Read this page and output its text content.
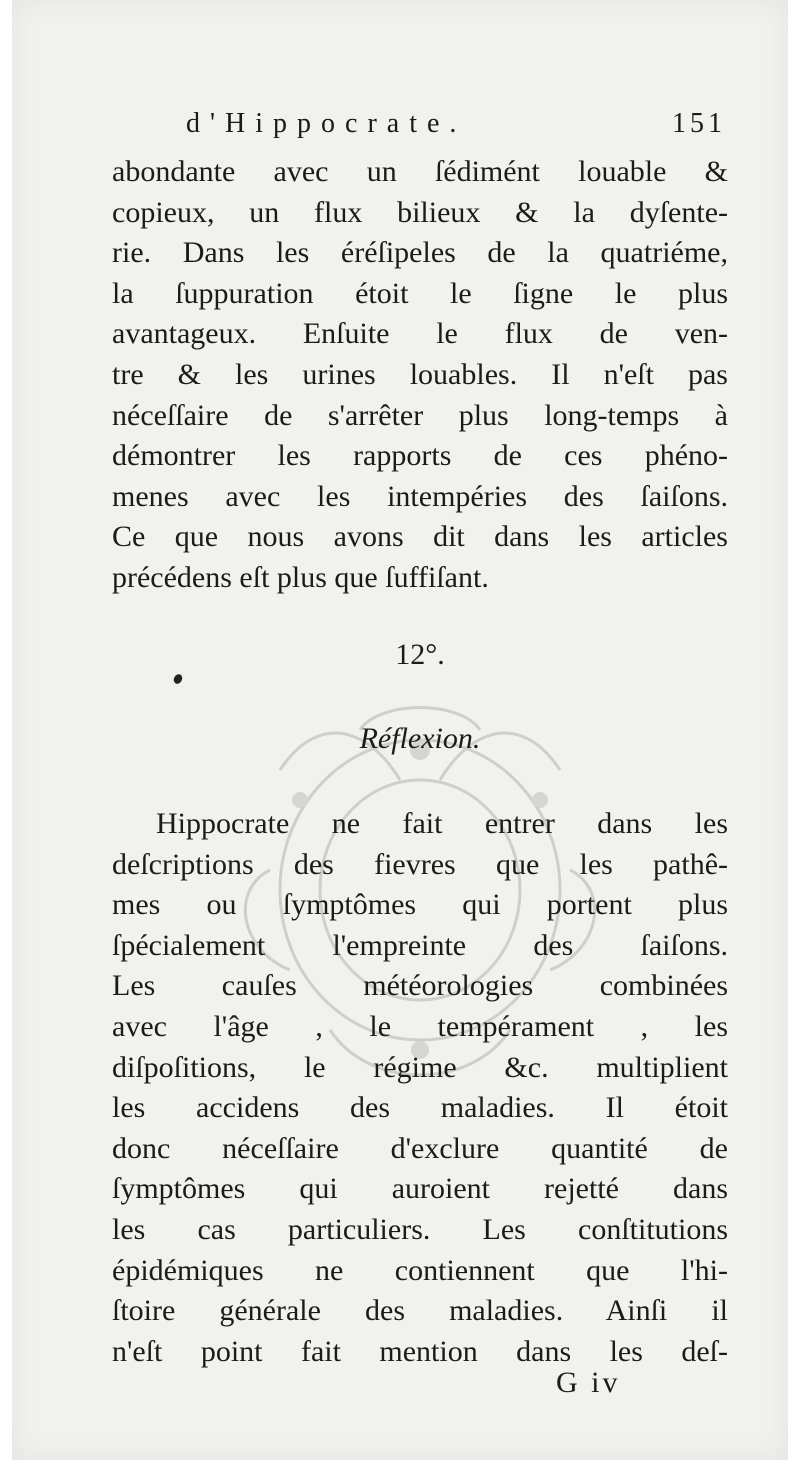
d'Hippocrate.	151

abondante avec un ſédimént louable &
copieux, un flux bilieux & la dyſente-
rie. Dans les éréſipeles de la quatriéme,
la ſuppuration étoit le ſigne le plus
avantageux. Enſuite le flux de ven-
tre & les urines louables. Il n'eſt pas
néceſſaire de s'arrêter plus long-temps à
démontrer les rapports de ces phéno-
menes avec les intempéries des ſaiſons.
Ce que nous avons dit dans les articles
précédens eſt plus que ſuffiſant.

12°.
Réflexion.

Hippocrate ne fait entrer dans les
deſcriptions des fievres que les pathê-
mes ou ſymptômes qui portent plus
ſpécialement l'empreinte des ſaiſons.
Les cauſes météorologies combinées
avec l'âge , le tempérament , les
diſpoſitions, le régime &c. multiplient
les accidens des maladies. Il étoit
donc néceſſaire d'exclure quantité de
ſymptômes qui auroient rejetté dans
les cas particuliers. Les conſtitutions
épidémiques ne contiennent que l'hi-
ſtoire générale des maladies. Ainſi il
n'eſt point fait mention dans les deſ-

G iv
